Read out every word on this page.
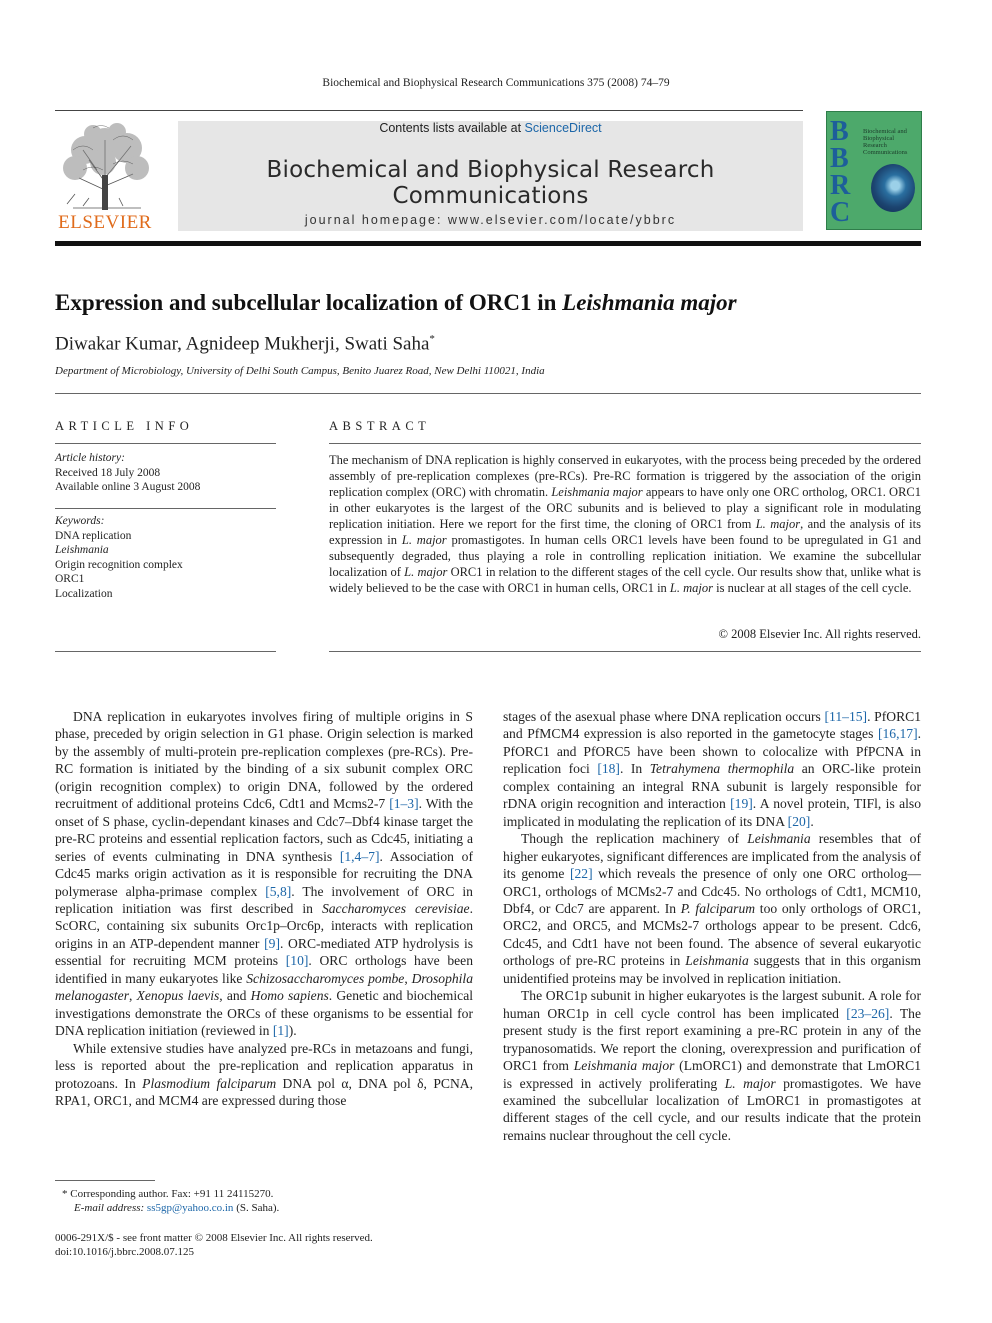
Biochemical and Biophysical Research Communications 375 (2008) 74–79
ELSEVIER
Contents lists available at ScienceDirect
Biochemical and Biophysical Research Communications
journal homepage: www.elsevier.com/locate/ybbrc
B
B
R
C
Biochemical and Biophysical Research Communications
Expression and subcellular localization of ORC1 in Leishmania major
Diwakar Kumar, Agnideep Mukherji, Swati Saha*
Department of Microbiology, University of Delhi South Campus, Benito Juarez Road, New Delhi 110021, India
ARTICLE INFO
Article history:
Received 18 July 2008
Available online 3 August 2008
Keywords:
DNA replication
Leishmania
Origin recognition complex
ORC1
Localization
ABSTRACT
The mechanism of DNA replication is highly conserved in eukaryotes, with the process being preceded by the ordered assembly of pre-replication complexes (pre-RCs). Pre-RC formation is triggered by the association of the origin replication complex (ORC) with chromatin. Leishmania major appears to have only one ORC ortholog, ORC1. ORC1 in other eukaryotes is the largest of the ORC subunits and is believed to play a significant role in modulating replication initiation. Here we report for the first time, the cloning of ORC1 from L. major, and the analysis of its expression in L. major promastigotes. In human cells ORC1 levels have been found to be upregulated in G1 and subsequently degraded, thus playing a role in controlling replication initiation. We examine the subcellular localization of L. major ORC1 in relation to the different stages of the cell cycle. Our results show that, unlike what is widely believed to be the case with ORC1 in human cells, ORC1 in L. major is nuclear at all stages of the cell cycle.
© 2008 Elsevier Inc. All rights reserved.

DNA replication in eukaryotes involves firing of multiple origins in S phase, preceded by origin selection in G1 phase. Origin selection is marked by the assembly of multi-protein pre-replication complexes (pre-RCs). Pre-RC formation is initiated by the binding of a six subunit complex ORC (origin recognition complex) to origin DNA, followed by the ordered recruitment of additional proteins Cdc6, Cdt1 and Mcms2-7 [1–3]. With the onset of S phase, cyclin-dependant kinases and Cdc7–Dbf4 kinase target the pre-RC proteins and essential replication factors, such as Cdc45, initiating a series of events culminating in DNA synthesis [1,4–7]. Association of Cdc45 marks origin activation as it is responsible for recruiting the DNA polymerase alpha-primase complex [5,8]. The involvement of ORC in replication initiation was first described in Saccharomyces cerevisiae. ScORC, containing six subunits Orc1p–Orc6p, interacts with replication origins in an ATP-dependent manner [9]. ORC-mediated ATP hydrolysis is essential for recruiting MCM proteins [10]. ORC orthologs have been identified in many eukaryotes like Schizosaccharomyces pombe, Drosophila melanogaster, Xenopus laevis, and Homo sapiens. Genetic and biochemical investigations demonstrate the ORCs of these organisms to be essential for DNA replication initiation (reviewed in [1]).

While extensive studies have analyzed pre-RCs in metazoans and fungi, less is reported about the pre-replication and replication apparatus in protozoans. In Plasmodium falciparum DNA pol α, DNA pol δ, PCNA, RPA1, ORC1, and MCM4 are expressed during those

stages of the asexual phase where DNA replication occurs [11–15]. PfORC1 and PfMCM4 expression is also reported in the gametocyte stages [16,17]. PfORC1 and PfORC5 have been shown to colocalize with PfPCNA in replication foci [18]. In Tetrahymena thermophila an ORC-like protein complex containing an integral RNA subunit is largely responsible for rDNA origin recognition and interaction [19]. A novel protein, TIFl, is also implicated in modulating the replication of its DNA [20].

Though the replication machinery of Leishmania resembles that of higher eukaryotes, significant differences are implicated from the analysis of its genome [22] which reveals the presence of only one ORC ortholog—ORC1, orthologs of MCMs2-7 and Cdc45. No orthologs of Cdt1, MCM10, Dbf4, or Cdc7 are apparent. In P. falciparum too only orthologs of ORC1, ORC2, and ORC5, and MCMs2-7 orthologs appear to be present. Cdc6, Cdc45, and Cdt1 have not been found. The absence of several eukaryotic orthologs of pre-RC proteins in Leishmania suggests that in this organism unidentified proteins may be involved in replication initiation.

The ORC1p subunit in higher eukaryotes is the largest subunit. A role for human ORC1p in cell cycle control has been implicated [23–26]. The present study is the first report examining a pre-RC protein in any of the trypanosomatids. We report the cloning, overexpression and purification of ORC1 from Leishmania major (LmORC1) and demonstrate that LmORC1 is expressed in actively proliferating L. major promastigotes. We have examined the subcellular localization of LmORC1 in promastigotes at different stages of the cell cycle, and our results indicate that the protein remains nuclear throughout the cell cycle.

* Corresponding author. Fax: +91 11 24115270.
E-mail address: ss5gp@yahoo.co.in (S. Saha).
0006-291X/$ - see front matter © 2008 Elsevier Inc. All rights reserved.
doi:10.1016/j.bbrc.2008.07.125
